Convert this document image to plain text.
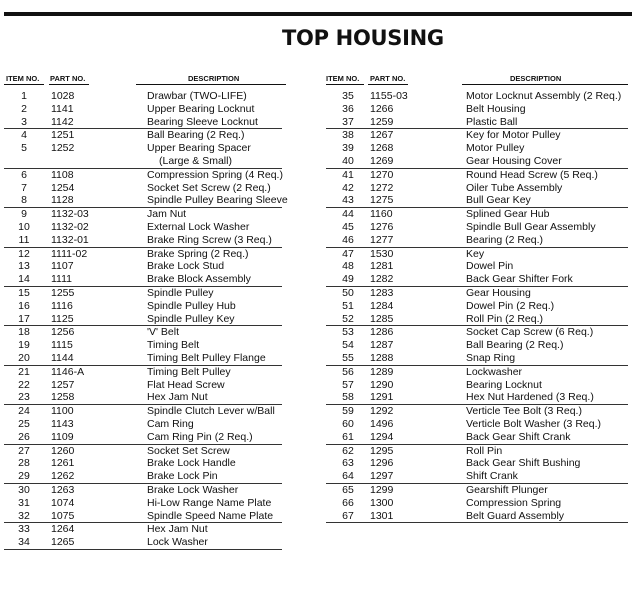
TOP HOUSING
ITEM NO. PART NO.	DESCRIPTION
1	1028	Drawbar (TWO-LIFE)
2	1141	Upper Bearing Locknut
3	1142	Bearing Sleeve Locknut
4	1251	Ball Bearing (2 Req.)
5	1252	Upper Bearing Spacer
(Large & Small)
6	1108	Compression Spring (4 Req.)
7	1254	Socket Set Screw (2 Req.)
8	1128	Spindle Pulley Bearing Sleeve
9	1132-03	Jam Nut
10	1132-02	External Lock Washer
11	1132-01	Brake Ring Screw (3 Req.)
12	1111-02	Brake Spring (2 Req.)
13	1107	Brake Lock Stud
14	1111	Brake Block Assembly
15	1255	Spindle Pulley
16	1116	Spindle Pulley Hub
17	1125	Spindle Pulley Key
18	1256	'V' Belt
19	1115	Timing Belt
20	1144	Timing Belt Pulley Flange
21	1146-A	Timing Belt Pulley
22	1257	Flat Head Screw
23	1258	Hex Jam Nut
24	1100	Spindle Clutch Lever w/Ball
25	1143	Cam Ring
26	1109	Cam Ring Pin (2 Req.)
27	1260	Socket Set Screw
28	1261	Brake Lock Handle
29	1262	Brake Lock Pin
30	1263	Brake Lock Washer
31	1074	Hi-Low Range Name Plate
32	1075	Spindle Speed Name Plate
33	1264	Hex Jam Nut
34	1265	Lock Washer
ITEM NO. PART NO.	DESCRIPTION
35	1155-03	Motor Locknut Assembly (2 Req.)
36	1266	Belt Housing
37	1259	Plastic Ball
38	1267	Key for Motor Pulley
39	1268	Motor Pulley
40	1269	Gear Housing Cover
41	1270	Round Head Screw (5 Req.)
42	1272	Oiler Tube Assembly
43	1275	Bull Gear Key
44	1160	Splined Gear Hub
45	1276	Spindle Bull Gear Assembly
46	1277	Bearing (2 Req.)
47	1530	Key
48	1281	Dowel Pin
49	1282	Back Gear Shifter Fork
50	1283	Gear Housing
51	1284	Dowel Pin (2 Req.)
52	1285	Roll Pin (2 Req.)
53	1286	Socket Cap Screw (6 Req.)
54	1287	Ball Bearing (2 Req.)
55	1288	Snap Ring
56	1289	Lockwasher
57	1290	Bearing Locknut
58	1291	Hex Nut Hardened (3 Req.)
59	1292	Verticle Tee Bolt (3 Req.)
60	1496	Verticle Bolt Washer (3 Req.)
61	1294	Back Gear Shift Crank
62	1295	Roll Pin
63	1296	Back Gear Shift Bushing
64	1297	Shift Crank
65	1299	Gearshift Plunger
66	1300	Compression Spring
67	1301	Belt Guard Assembly
